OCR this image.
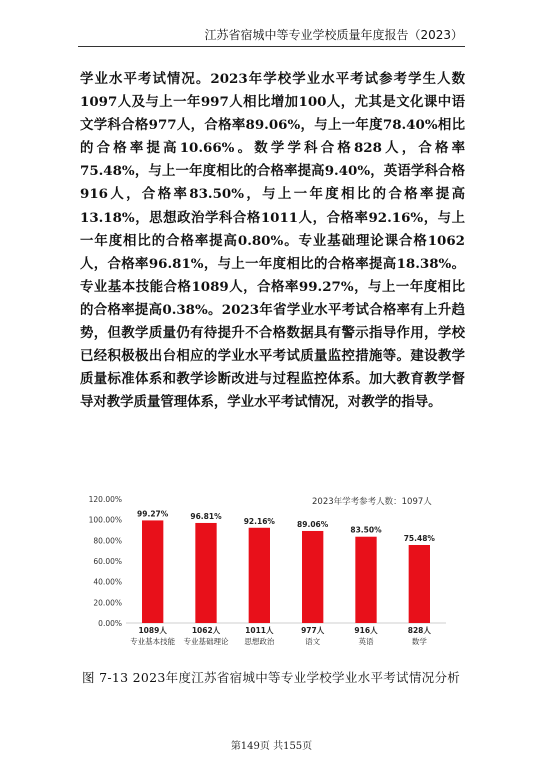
江苏省宿城中等专业学校质量年度报告（2023）

学业水平考试情况。2023年学校学业水平考试参考学生人数1097人及与上一年997人相比增加100人，尤其是文化课中语文学科合格977人，合格率89.06%，与上一年度78.40%相比的合格率提高10.66%。数学学科合格828人，合格率75.48%，与上一年度相比的合格率提高9.40%，英语学科合格916人，合格率83.50%，与上一年度相比的合格率提高13.18%，思想政治学科合格1011人，合格率92.16%，与上一年度相比的合格率提高0.80%。专业基础理论课合格1062人，合格率96.81%，与上一年度相比的合格率提高18.38%。专业基本技能合格1089人，合格率99.27%，与上一年度相比的合格率提高0.38%。2023年省学业水平考试合格率有上升趋势，但教学质量仍有待提升不合格数据具有警示指导作用，学校已经积极极出台相应的学业水平考试质量监控措施等。建设教学质量标准体系和教学诊断改进与过程监控体系。加大教育教学督导对教学质量管理体系，学业水平考试情况，对教学的指导。

2023年学考参考人数：1097人
0.00%
20.00%
40.00%
60.00%
80.00%
100.00%
120.00%
99.27%
1089人
专业基本技能
96.81%
1062人
专业基础理论
92.16%
1011人
思想政治
89.06%
977人
语文
83.50%
916人
英语
75.48%
828人
数学
图 7-13 2023年度江苏省宿城中等专业学校学业水平考试情况分析
第149页 共155页
